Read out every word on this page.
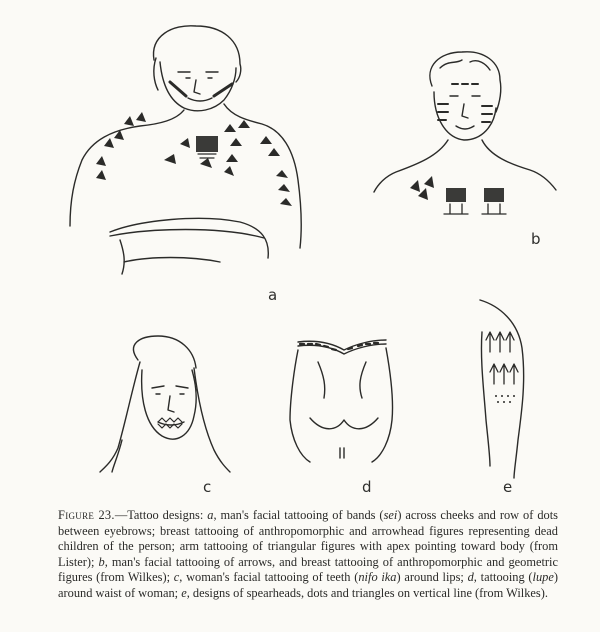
a
b
c	d	e
Figure 23.—Tattoo designs: a, man's facial tattooing of bands (sei) across cheeks and row of dots between eyebrows; breast tattooing of anthropomorphic and arrowhead figures representing dead children of the person; arm tattooing of triangular figures with apex pointing toward body (from Lister); b, man's facial tattooing of arrows, and breast tattooing of anthropomorphic and geometric figures (from Wilkes); c, woman's facial tattooing of teeth (nifo ika) around lips; d, tattooing (lupe) around waist of woman; e, designs of spearheads, dots and triangles on vertical line (from Wilkes).
